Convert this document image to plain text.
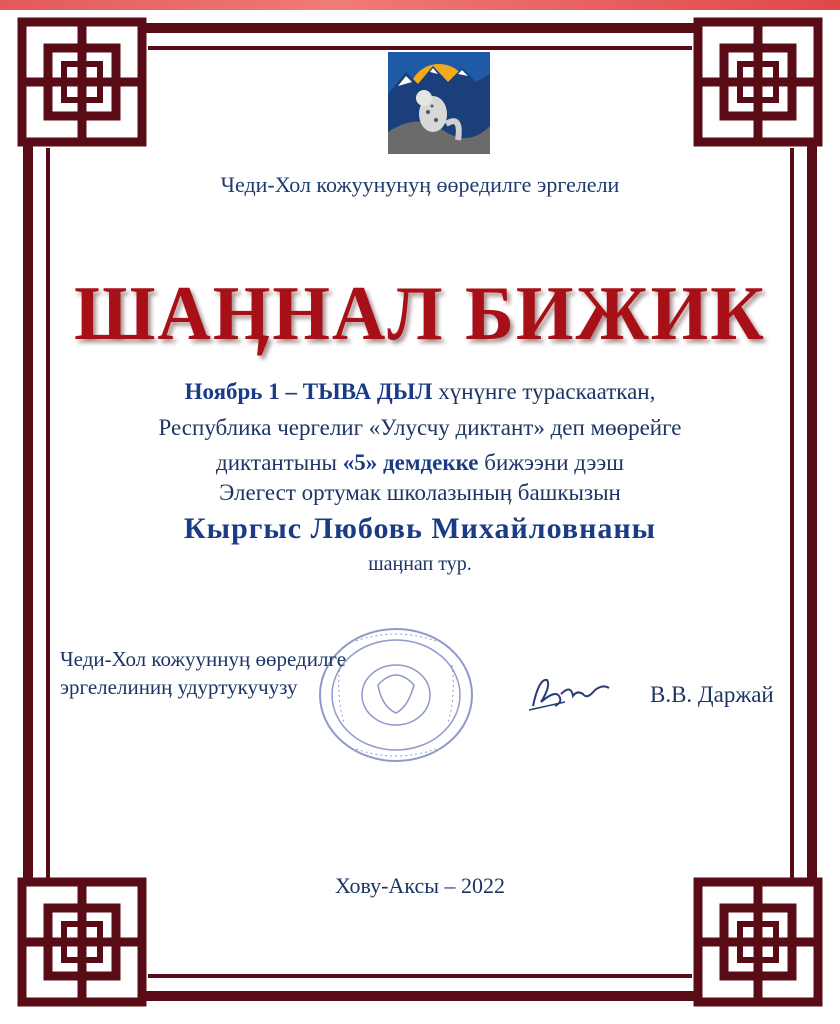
Чеди-Хол кожуунунуӊ өөредилге эргелели
ШАӉНАЛ БИЖИК
Ноябрь 1 – ТЫВА ДЫЛ хүнүнге тураскааткан,
Республика чергелиг «Улусчу диктант» деп мөөрейге
диктантыны «5» демдекке бижээни дээш
Элегест ортумак школазыныӊ башкызын
Кыргыс Любовь Михайловнаны
шаӊнап тур.
Чеди-Хол кожууннуӊ өөредилге
эргелелиниӊ удуртукучузу	В.В. Даржай
Хову-Аксы – 2022
